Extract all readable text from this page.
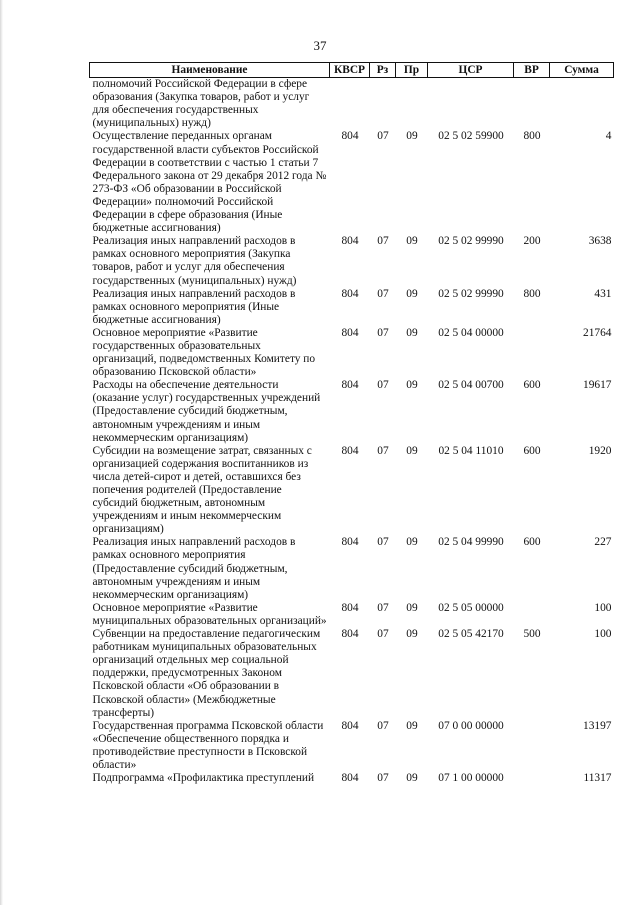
37
Наименование	КВСР	Рз	Пр	ЦСР	ВР	Сумма
полномочий Российской Федерации в сфере образования (Закупка товаров, работ и услуг для обеспечения государственных (муниципальных) нужд)						
Осуществление переданных органам государственной власти субъектов Российской Федерации в соответствии с частью 1 статьи 7 Федерального закона от 29 декабря 2012 года № 273-ФЗ «Об образовании в Российской Федерации» полномочий Российской Федерации в сфере образования (Иные бюджетные ассигнования)	804	07	09	02 5 02 59900	800	4
Реализация иных направлений расходов в рамках основного мероприятия (Закупка товаров, работ и услуг для обеспечения государственных (муниципальных) нужд)	804	07	09	02 5 02 99990	200	3638
Реализация иных направлений расходов в рамках основного мероприятия (Иные бюджетные ассигнования)	804	07	09	02 5 02 99990	800	431
Основное мероприятие «Развитие государственных образовательных организаций, подведомственных Комитету по образованию Псковской области»	804	07	09	02 5 04 00000		21764
Расходы на обеспечение деятельности (оказание услуг) государственных учреждений (Предоставление субсидий бюджетным, автономным учреждениям и иным некоммерческим организациям)	804	07	09	02 5 04 00700	600	19617
Субсидии на возмещение затрат, связанных с организацией содержания воспитанников из числа детей-сирот и детей, оставшихся без попечения родителей (Предоставление субсидий бюджетным, автономным учреждениям и иным некоммерческим организациям)	804	07	09	02 5 04 11010	600	1920
Реализация иных направлений расходов в рамках основного мероприятия (Предоставление субсидий бюджетным, автономным учреждениям и иным некоммерческим организациям)	804	07	09	02 5 04 99990	600	227
Основное мероприятие «Развитие муниципальных образовательных организаций»	804	07	09	02 5 05 00000		100
Субвенции на предоставление педагогическим работникам муниципальных образовательных организаций отдельных мер социальной поддержки, предусмотренных Законом Псковской области «Об образовании в Псковской области» (Межбюджетные трансферты)	804	07	09	02 5 05 42170	500	100
Государственная программа Псковской области «Обеспечение общественного порядка и противодействие преступности в Псковской области»	804	07	09	07 0 00 00000		13197
Подпрограмма «Профилактика преступлений	804	07	09	07 1 00 00000		11317
